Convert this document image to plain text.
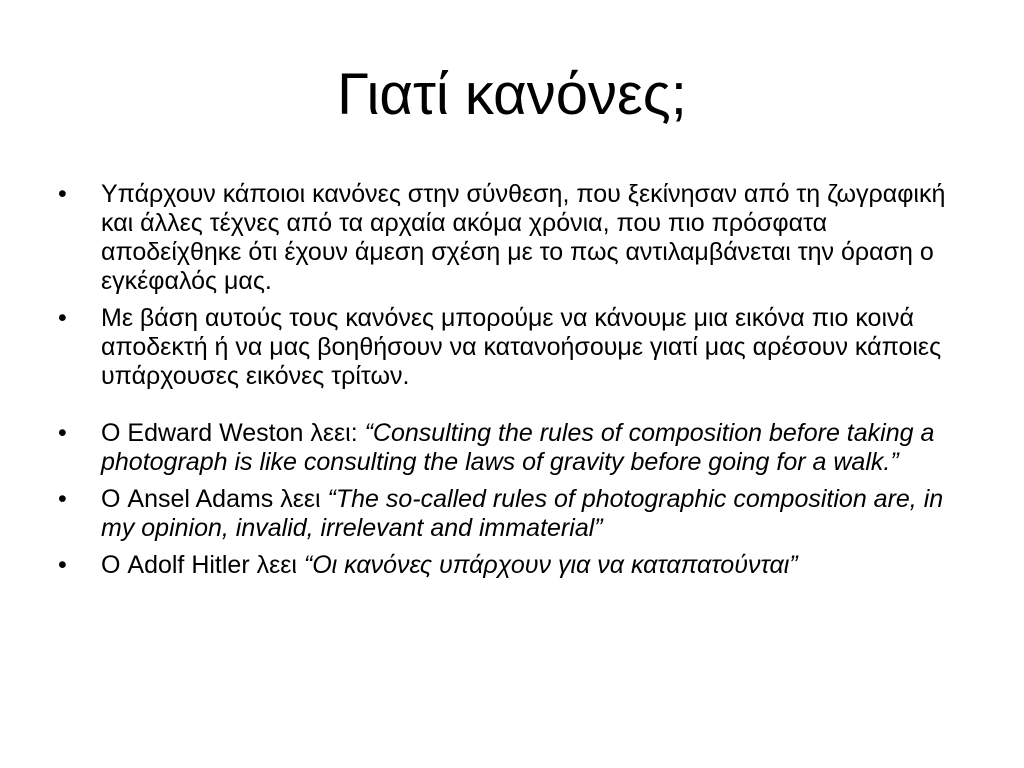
Γιατί κανόνες;
•	Υπάρχουν κάποιοι κανόνες στην σύνθεση, που ξεκίνησαν από τη ζωγραφική και άλλες τέχνες από τα αρχαία ακόμα χρόνια, που πιο πρόσφατα αποδείχθηκε ότι έχουν άμεση σχέση με το πως αντιλαμβάνεται την όραση ο εγκέφαλός μας.
•	Με βάση αυτούς τους κανόνες μπορούμε να κάνουμε μια εικόνα πιο κοινά αποδεκτή ή να μας βοηθήσουν να κατανοήσουμε γιατί μας αρέσουν κάποιες υπάρχουσες εικόνες τρίτων.
•	Ο Edward Weston λεει: “Consulting the rules of composition before taking a photograph is like consulting the laws of gravity before going for a walk.”
•	Ο Ansel Adams λεει “The so-called rules of photographic composition are, in my opinion, invalid, irrelevant and immaterial”
•	Ο Adolf Hitler λεει “Οι κανόνες υπάρχουν για να καταπατούνται”
